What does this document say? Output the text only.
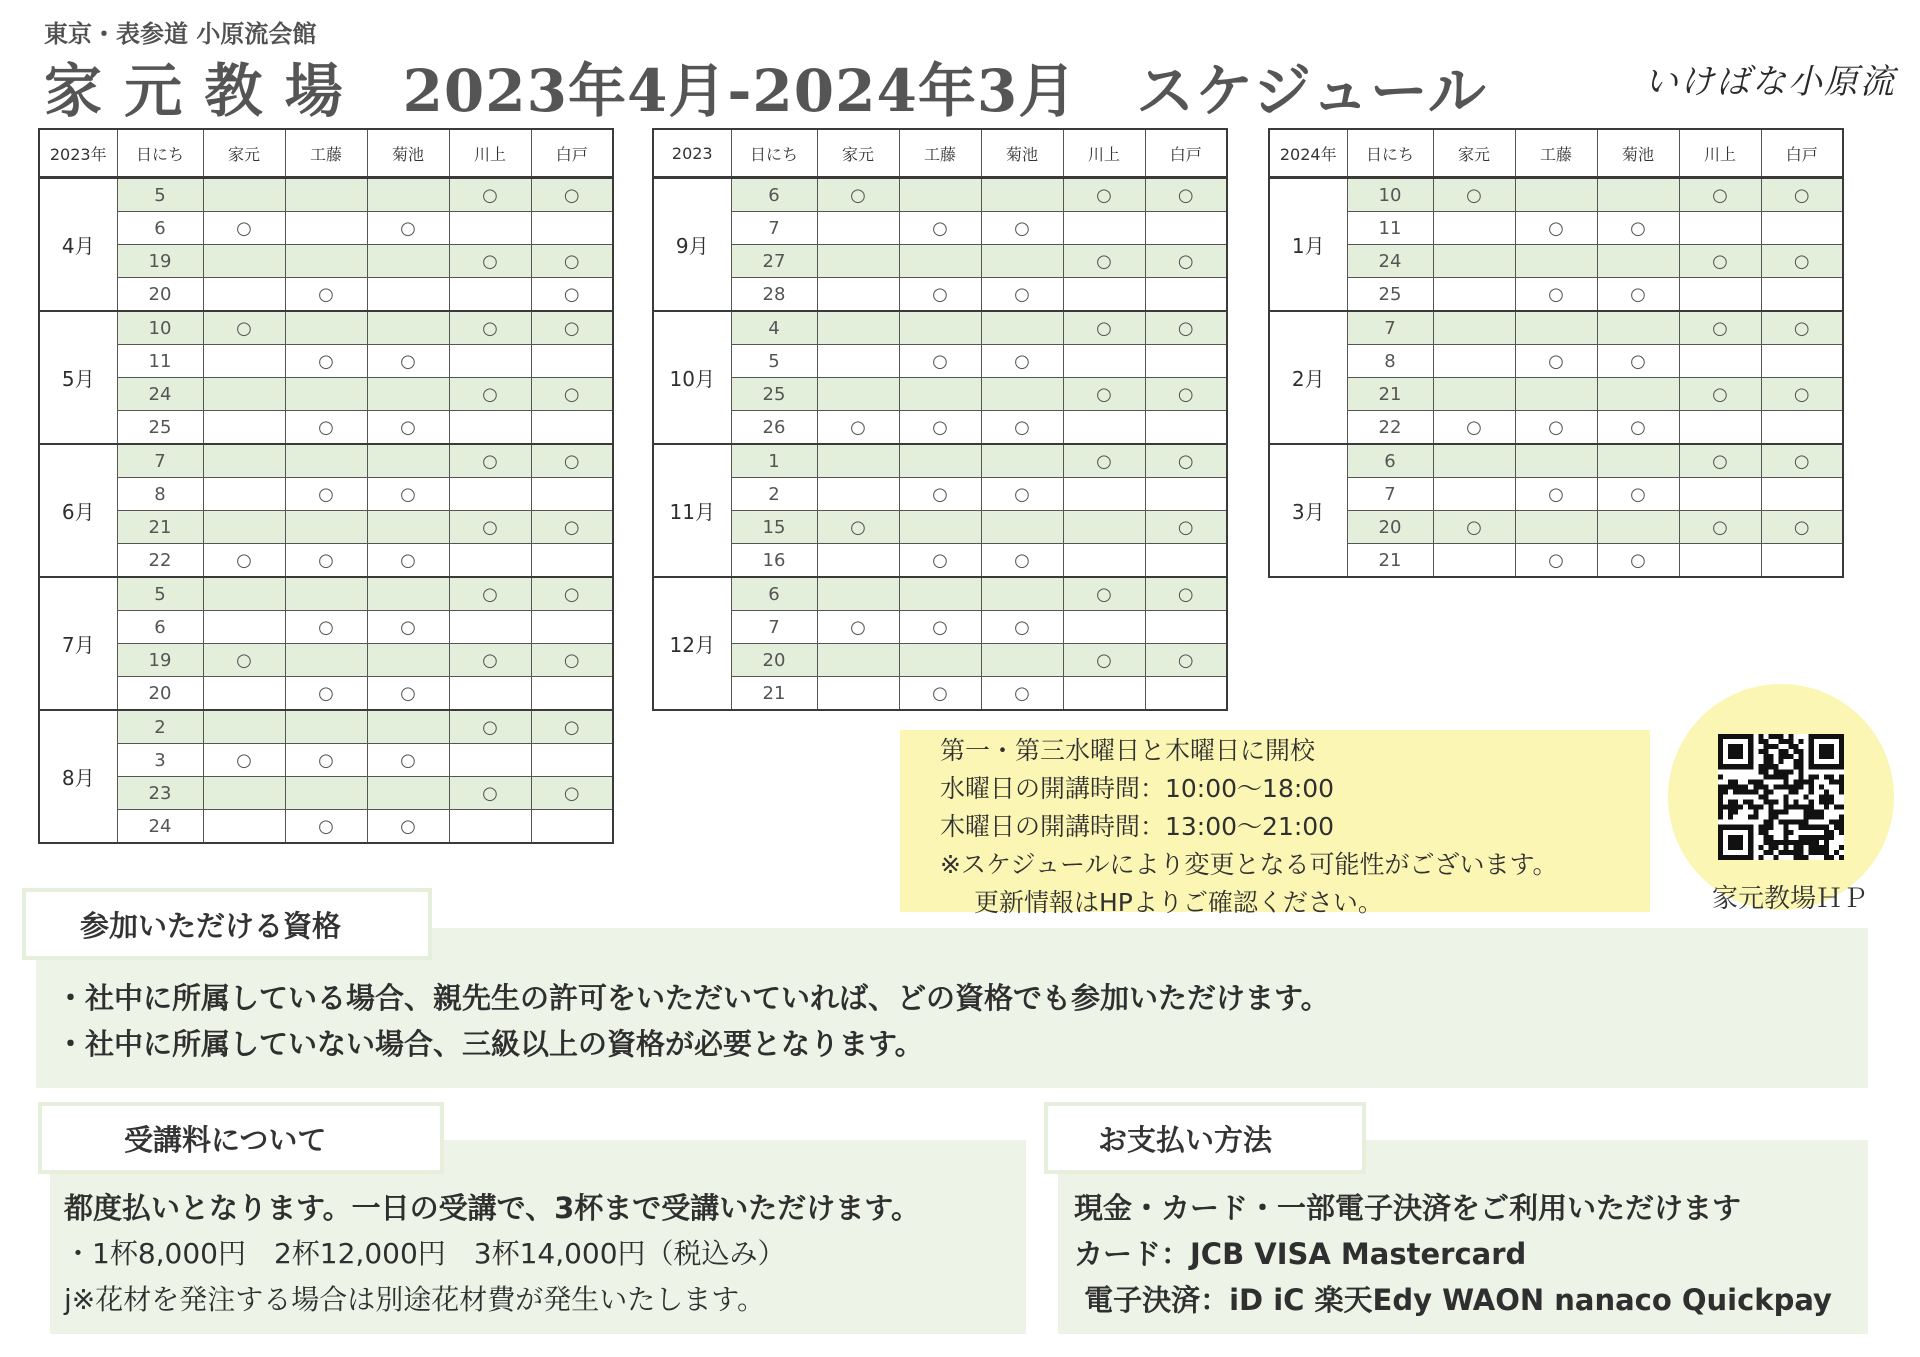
東京・表参道 小原流会館
家 元 教 場　2023年4月-2024年3月　スケジュール	いけばな小原流
2023年	日にち	家元	工藤	菊池	川上	白戸
4月	5				○	○
	6	○		○		
	19				○	○
	20		○			○
5月	10	○			○	○
	11		○	○		
	24				○	○
	25		○	○		
6月	7				○	○
	8		○	○		
	21				○	○
	22	○	○	○		
7月	5				○	○
	6		○	○		
	19	○			○	○
	20		○	○		
8月	2				○	○
	3	○	○	○		
	23				○	○
	24		○	○		
2023	日にち	家元	工藤	菊池	川上	白戸
9月	6	○			○	○
	7		○	○		
	27				○	○
	28		○	○		
10月	4				○	○
	5		○	○		
	25				○	○
	26	○	○	○		
11月	1				○	○
	2		○	○		
	15	○				○
	16		○	○		
12月	6				○	○
	7	○	○	○		
	20				○	○
	21		○	○		
2024年	日にち	家元	工藤	菊池	川上	白戸
1月	10	○			○	○
	11		○	○		
	24				○	○
	25		○	○		
2月	7				○	○
	8		○	○		
	21				○	○
	22	○	○	○		
3月	6				○	○
	7		○	○		
	20	○			○	○
	21		○	○		
第一・第三水曜日と木曜日に開校
水曜日の開講時間：10:00〜18:00
木曜日の開講時間：13:00〜21:00
※スケジュールにより変更となる可能性がございます。
更新情報はHPよりご確認ください。	家元教場ＨＰ
参加いただける資格
・社中に所属している場合、親先生の許可をいただいていれば、どの資格でも参加いただけます。
・社中に所属していない場合、三級以上の資格が必要となります。
受講料について
都度払いとなります。一日の受講で、3杯まで受講いただけます。
・1杯8,000円　2杯12,000円　3杯14,000円（税込み）
j※花材を発注する場合は別途花材費が発生いたします。
お支払い方法
現金・カード・一部電子決済をご利用いただけます
カード：JCB VISA Mastercard
電子決済：iD iC 楽天Edy WAON nanaco Quickpay
